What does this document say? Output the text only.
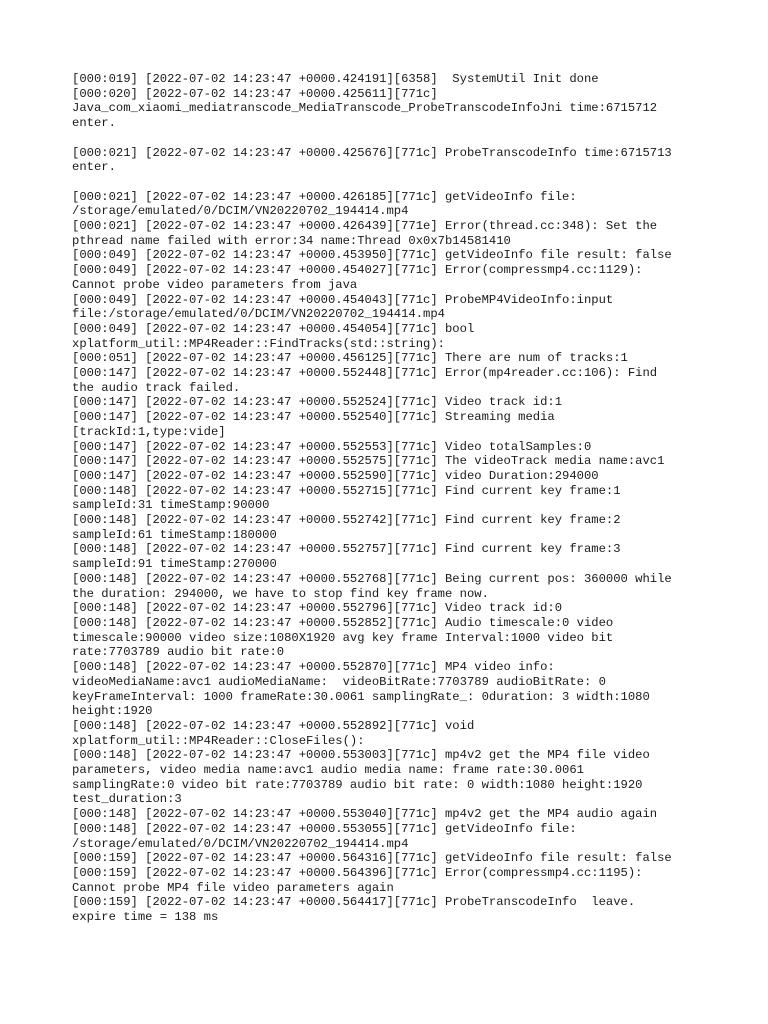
[000:019] [2022-07-02 14:23:47 +0000.424191][6358]  SystemUtil Init done
[000:020] [2022-07-02 14:23:47 +0000.425611][771c]
Java_com_xiaomi_mediatranscode_MediaTranscode_ProbeTranscodeInfoJni time:6715712
enter.
[000:021] [2022-07-02 14:23:47 +0000.425676][771c] ProbeTranscodeInfo time:6715713
enter.
[000:021] [2022-07-02 14:23:47 +0000.426185][771c] getVideoInfo file:
/storage/emulated/0/DCIM/VN20220702_194414.mp4
[000:021] [2022-07-02 14:23:47 +0000.426439][771e] Error(thread.cc:348): Set the
pthread name failed with error:34 name:Thread 0x0x7b14581410
[000:049] [2022-07-02 14:23:47 +0000.453950][771c] getVideoInfo file result: false
[000:049] [2022-07-02 14:23:47 +0000.454027][771c] Error(compressmp4.cc:1129):
Cannot probe video parameters from java
[000:049] [2022-07-02 14:23:47 +0000.454043][771c] ProbeMP4VideoInfo:input
file:/storage/emulated/0/DCIM/VN20220702_194414.mp4
[000:049] [2022-07-02 14:23:47 +0000.454054][771c] bool
xplatform_util::MP4Reader::FindTracks(std::string):
[000:051] [2022-07-02 14:23:47 +0000.456125][771c] There are num of tracks:1
[000:147] [2022-07-02 14:23:47 +0000.552448][771c] Error(mp4reader.cc:106): Find
the audio track failed.
[000:147] [2022-07-02 14:23:47 +0000.552524][771c] Video track id:1
[000:147] [2022-07-02 14:23:47 +0000.552540][771c] Streaming media
[trackId:1,type:vide]
[000:147] [2022-07-02 14:23:47 +0000.552553][771c] Video totalSamples:0
[000:147] [2022-07-02 14:23:47 +0000.552575][771c] The videoTrack media name:avc1
[000:147] [2022-07-02 14:23:47 +0000.552590][771c] video Duration:294000
[000:148] [2022-07-02 14:23:47 +0000.552715][771c] Find current key frame:1
sampleId:31 timeStamp:90000
[000:148] [2022-07-02 14:23:47 +0000.552742][771c] Find current key frame:2
sampleId:61 timeStamp:180000
[000:148] [2022-07-02 14:23:47 +0000.552757][771c] Find current key frame:3
sampleId:91 timeStamp:270000
[000:148] [2022-07-02 14:23:47 +0000.552768][771c] Being current pos: 360000 while
the duration: 294000, we have to stop find key frame now.
[000:148] [2022-07-02 14:23:47 +0000.552796][771c] Video track id:0
[000:148] [2022-07-02 14:23:47 +0000.552852][771c] Audio timescale:0 video
timescale:90000 video size:1080X1920 avg key frame Interval:1000 video bit
rate:7703789 audio bit rate:0
[000:148] [2022-07-02 14:23:47 +0000.552870][771c] MP4 video info:
videoMediaName:avc1 audioMediaName:  videoBitRate:7703789 audioBitRate: 0
keyFrameInterval: 1000 frameRate:30.0061 samplingRate_: 0duration: 3 width:1080
height:1920
[000:148] [2022-07-02 14:23:47 +0000.552892][771c] void
xplatform_util::MP4Reader::CloseFiles():
[000:148] [2022-07-02 14:23:47 +0000.553003][771c] mp4v2 get the MP4 file video
parameters, video media name:avc1 audio media name: frame rate:30.0061
samplingRate:0 video bit rate:7703789 audio bit rate: 0 width:1080 height:1920
test_duration:3
[000:148] [2022-07-02 14:23:47 +0000.553040][771c] mp4v2 get the MP4 audio again
[000:148] [2022-07-02 14:23:47 +0000.553055][771c] getVideoInfo file:
/storage/emulated/0/DCIM/VN20220702_194414.mp4
[000:159] [2022-07-02 14:23:47 +0000.564316][771c] getVideoInfo file result: false
[000:159] [2022-07-02 14:23:47 +0000.564396][771c] Error(compressmp4.cc:1195):
Cannot probe MP4 file video parameters again
[000:159] [2022-07-02 14:23:47 +0000.564417][771c] ProbeTranscodeInfo  leave.
expire time = 138 ms
